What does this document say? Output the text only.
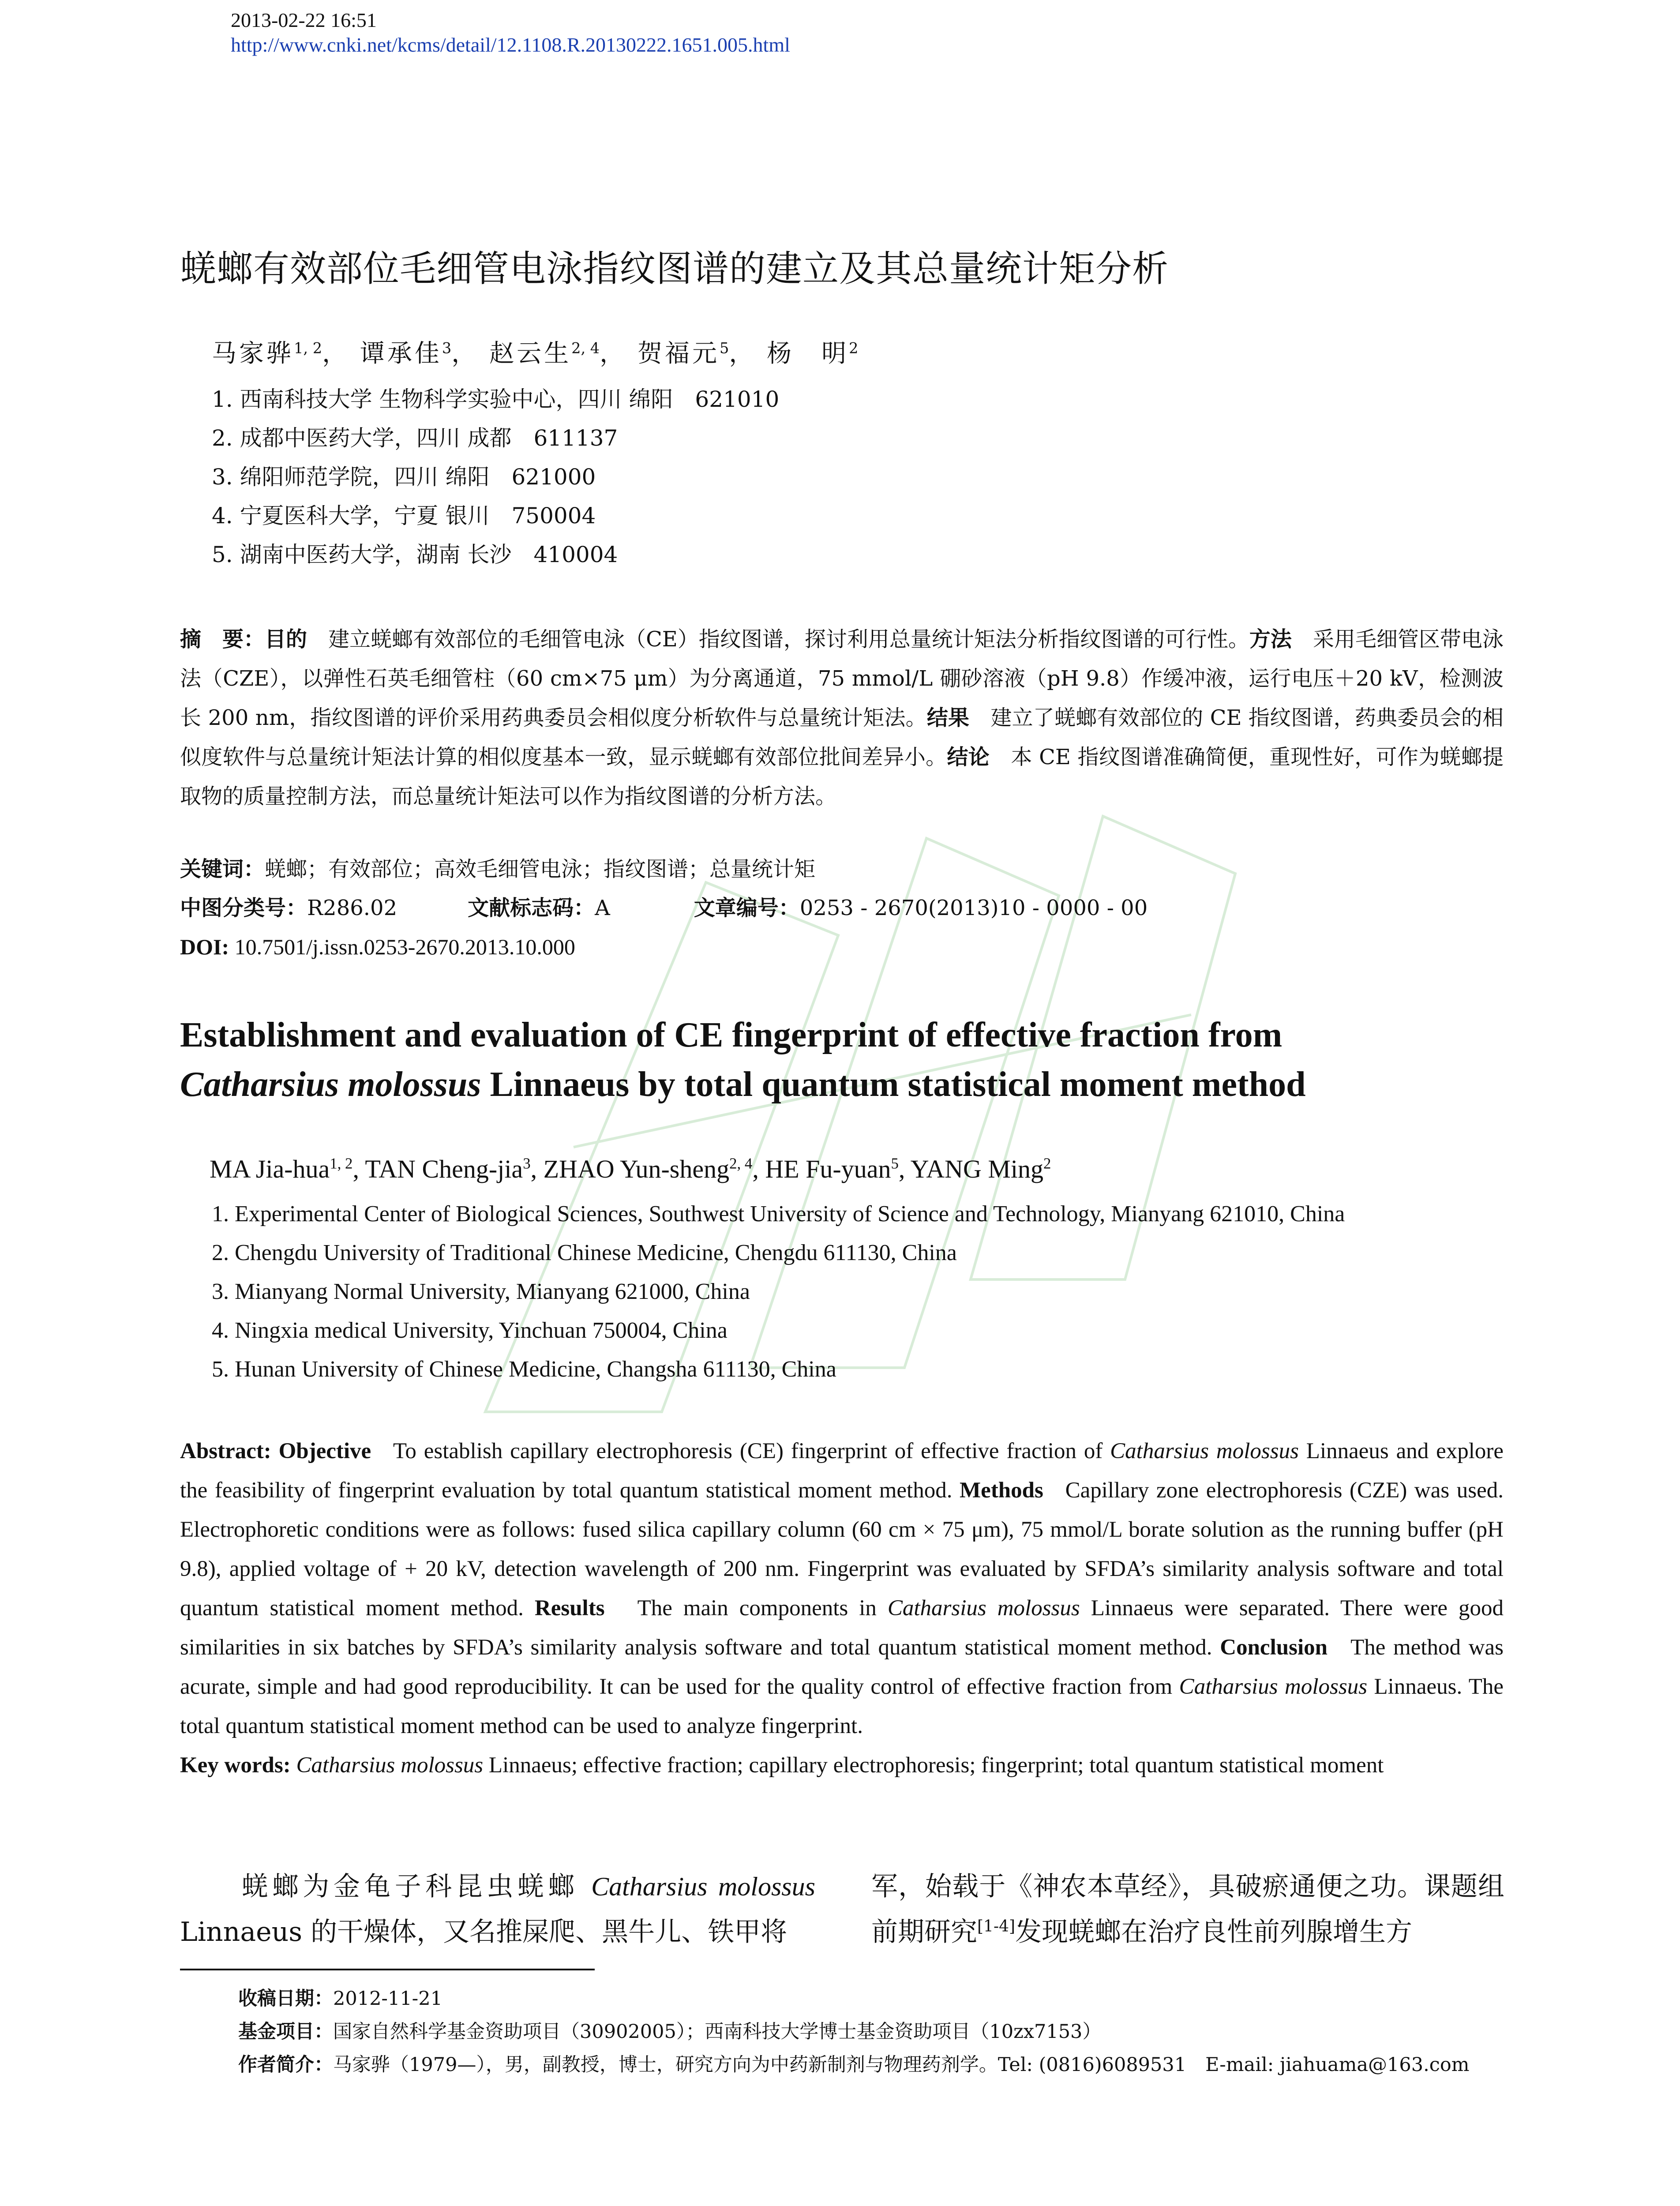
2013-02-22 16:51
http://www.cnki.net/kcms/detail/12.1108.R.20130222.1651.005.html
蜣螂有效部位毛细管电泳指纹图谱的建立及其总量统计矩分析
马家骅$^{1, 2}$， 谭承佳$^3$， 赵云生$^{2, 4}$， 贺福元$^5$， 杨　明$^2$
1. 西南科技大学 生物科学实验中心，四川 绵阳　621010
2. 成都中医药大学，四川 成都　611137
3. 绵阳师范学院，四川 绵阳　621000
4. 宁夏医科大学，宁夏 银川　750004
5. 湖南中医药大学，湖南 长沙　410004
摘　要：目的　 建立蜣螂有效部位的毛细管电泳（CE）指纹图谱，探讨利用总量统计矩法分析指纹图谱的可行性。方法　 采用毛细管区带电泳法（CZE），以弹性石英毛细管柱（60 cm×75 μm）为分离通道，75 mmol/L 硼砂溶液（pH 9.8）作缓冲液，运行电压＋20 kV，检测波长 200 nm，指纹图谱的评价采用药典委员会相似度分析软件与总量统计矩法。结果　 建立了蜣螂有效部位的 CE 指纹图谱，药典委员会的相似度软件与总量统计矩法计算的相似度基本一致，显示蜣螂有效部位批间差异小。结论　 本 CE 指纹图谱准确简便，重现性好，可作为蜣螂提取物的质量控制方法，而总量统计矩法可以作为指纹图谱的分析方法。
关键词：蜣螂；有效部位；高效毛细管电泳；指纹图谱；总量统计矩
中图分类号：R286.02	文献标志码：A	文章编号：0253 - 2670(2013)10 - 0000 - 00
DOI: 10.7501/j.issn.0253-2670.2013.10.000
Establishment and evaluation of CE fingerprint of effective fraction from
Catharsius molossus Linnaeus by total quantum statistical moment method
MA Jia-hua$^{1, 2}$, TAN Cheng-jia$^3$, ZHAO Yun-sheng$^{2, 4}$, HE Fu-yuan$^5$, YANG Ming$^2$
1. Experimental Center of Biological Sciences, Southwest University of Science and Technology, Mianyang 621010, China
2. Chengdu University of Traditional Chinese Medicine, Chengdu 611130, China
3. Mianyang Normal University, Mianyang 621000, China
4. Ningxia medical University, Yinchuan 750004, China
5. Hunan University of Chinese Medicine, Changsha 611130, China
Abstract: Objective To establish capillary electrophoresis (CE) fingerprint of effective fraction of Catharsius molossus Linnaeus and explore the feasibility of fingerprint evaluation by total quantum statistical moment method. Methods Capillary zone electrophoresis (CZE) was used. Electrophoretic conditions were as follows: fused silica capillary column (60 cm × 75 μm), 75 mmol/L borate solution as the running buffer (pH 9.8), applied voltage of + 20 kV, detection wavelength of 200 nm. Fingerprint was evaluated by SFDA’s similarity analysis software and total quantum statistical moment method. Results The main components in Catharsius molossus Linnaeus were separated. There were good similarities in six batches by SFDA’s similarity analysis software and total quantum statistical moment method. Conclusion The method was acurate, simple and had good reproducibility. It can be used for the quality control of effective fraction from Catharsius molossus Linnaeus. The total quantum statistical moment method can be used to analyze fingerprint.
Key words: Catharsius molossus Linnaeus; effective fraction; capillary electrophoresis; fingerprint; total quantum statistical moment
蜣螂为金龟子科昆虫蜣螂 Catharsius molossus Linnaeus 的干燥体，又名推屎爬、黑牛儿、铁甲将
军，始载于《神农本草经》，具破瘀通便之功。课题组前期研究[1-4]发现蜣螂在治疗良性前列腺增生方
收稿日期：2012-11-21
基金项目：国家自然科学基金资助项目（30902005）；西南科技大学博士基金资助项目（10zx7153）
作者简介：马家骅（1979—），男，副教授，博士，研究方向为中药新制剂与物理药剂学。Tel: (0816)6089531　E-mail: jiahuama@163.com
